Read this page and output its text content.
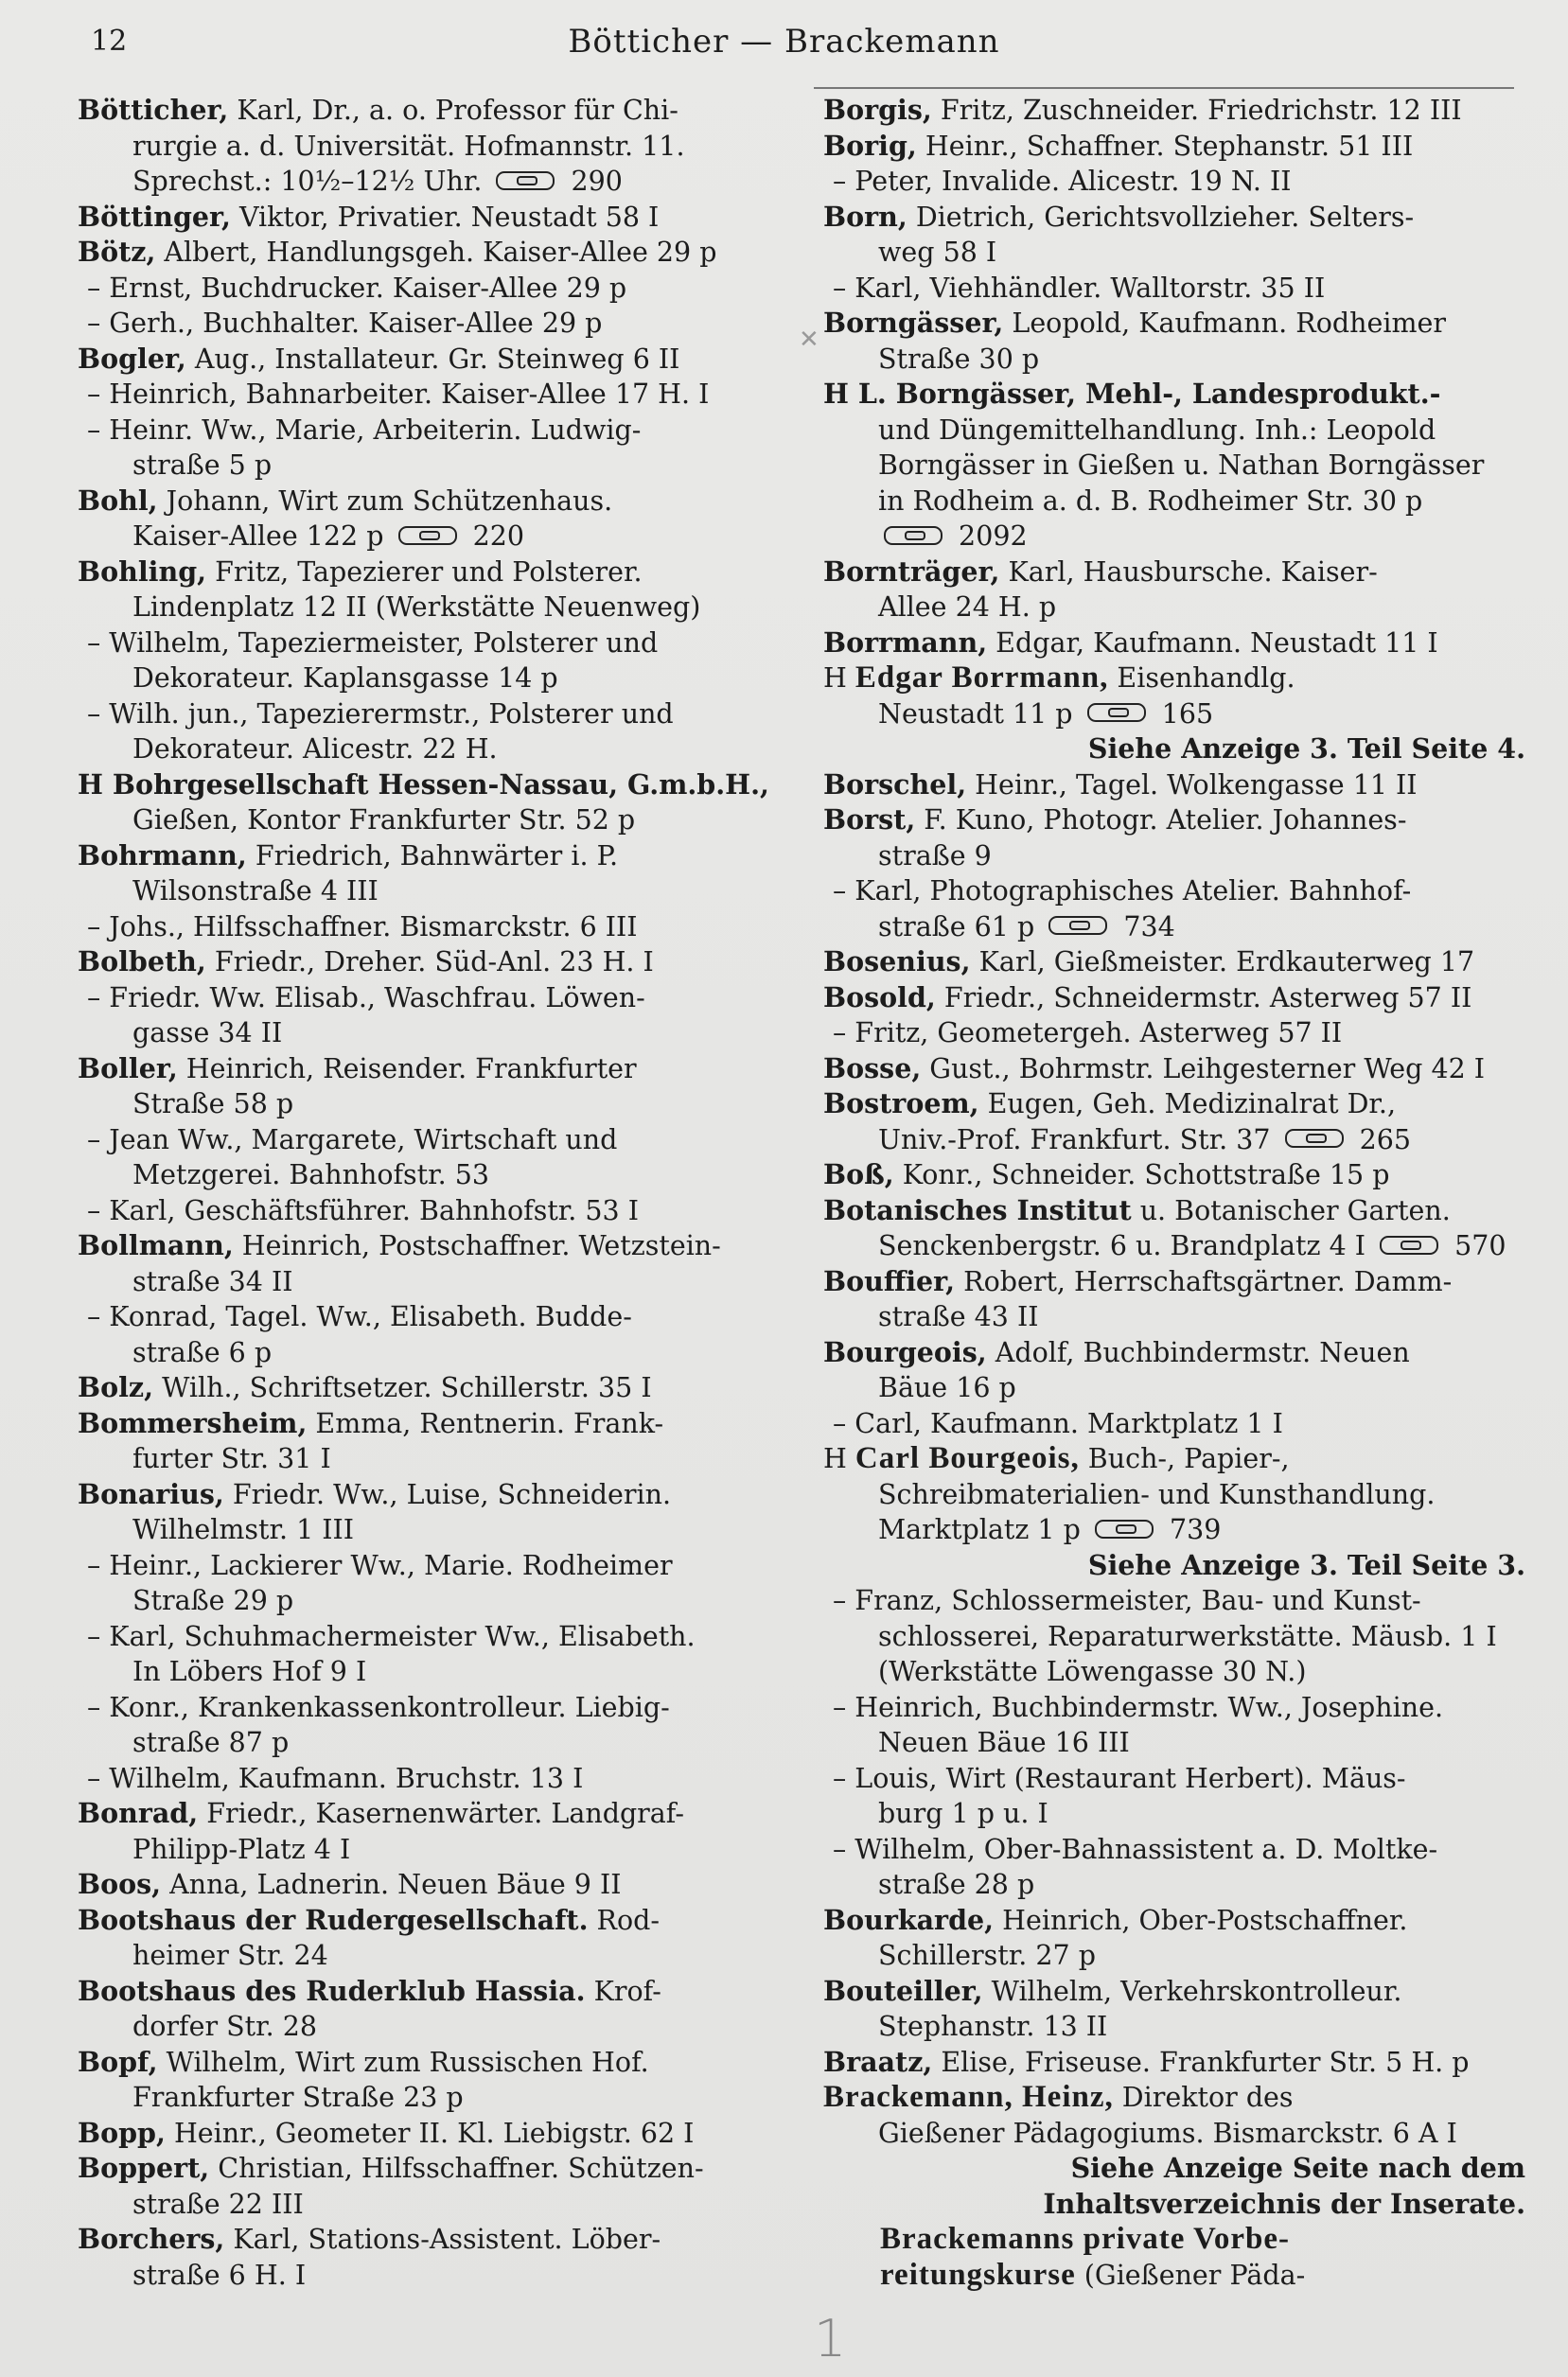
12	Bötticher — Brackemann
✕
Bötticher, Karl, Dr., a. o. Professor für Chi-
rurgie a. d. Universität. Hofmannstr. 11.
Sprechst.: 10½–12½ Uhr.	290
Böttinger, Viktor, Privatier. Neustadt 58 I
Bötz, Albert, Handlungsgeh. Kaiser-Allee 29 p
– Ernst, Buchdrucker. Kaiser-Allee 29 p
– Gerh., Buchhalter. Kaiser-Allee 29 p
Bogler, Aug., Installateur. Gr. Steinweg 6 II
– Heinrich, Bahnarbeiter. Kaiser-Allee 17 H. I
– Heinr. Ww., Marie, Arbeiterin. Ludwig-
straße 5 p
Bohl, Johann, Wirt zum Schützenhaus.
Kaiser-Allee 122 p	220
Bohling, Fritz, Tapezierer und Polsterer.
Lindenplatz 12 II (Werkstätte Neuenweg)
– Wilhelm, Tapeziermeister, Polsterer und
Dekorateur. Kaplansgasse 14 p
– Wilh. jun., Tapezierermstr., Polsterer und
Dekorateur. Alicestr. 22 H.
H Bohrgesellschaft Hessen-Nassau, G.m.b.H.,
Gießen, Kontor Frankfurter Str. 52 p
Bohrmann, Friedrich, Bahnwärter i. P.
Wilsonstraße 4 III
– Johs., Hilfsschaffner. Bismarckstr. 6 III
Bolbeth, Friedr., Dreher. Süd-Anl. 23 H. I
– Friedr. Ww. Elisab., Waschfrau. Löwen-
gasse 34 II
Boller, Heinrich, Reisender. Frankfurter
Straße 58 p
– Jean Ww., Margarete, Wirtschaft und
Metzgerei. Bahnhofstr. 53
– Karl, Geschäftsführer. Bahnhofstr. 53 I
Bollmann, Heinrich, Postschaffner. Wetzstein-
straße 34 II
– Konrad, Tagel. Ww., Elisabeth. Budde-
straße 6 p
Bolz, Wilh., Schriftsetzer. Schillerstr. 35 I
Bommersheim, Emma, Rentnerin. Frank-
furter Str. 31 I
Bonarius, Friedr. Ww., Luise, Schneiderin.
Wilhelmstr. 1 III
– Heinr., Lackierer Ww., Marie. Rodheimer
Straße 29 p
– Karl, Schuhmachermeister Ww., Elisabeth.
In Löbers Hof 9 I
– Konr., Krankenkassenkontrolleur. Liebig-
straße 87 p
– Wilhelm, Kaufmann. Bruchstr. 13 I
Bonrad, Friedr., Kasernenwärter. Landgraf-
Philipp-Platz 4 I
Boos, Anna, Ladnerin. Neuen Bäue 9 II
Bootshaus der Rudergesellschaft. Rod-
heimer Str. 24
Bootshaus des Ruderklub Hassia. Krof-
dorfer Str. 28
Bopf, Wilhelm, Wirt zum Russischen Hof.
Frankfurter Straße 23 p
Bopp, Heinr., Geometer II. Kl. Liebigstr. 62 I
Boppert, Christian, Hilfsschaffner. Schützen-
straße 22 III
Borchers, Karl, Stations-Assistent. Löber-
straße 6 H. I
Borgis, Fritz, Zuschneider. Friedrichstr. 12 III
Borig, Heinr., Schaffner. Stephanstr. 51 III
– Peter, Invalide. Alicestr. 19 N. II
Born, Dietrich, Gerichtsvollzieher. Selters-
weg 58 I
– Karl, Viehhändler. Walltorstr. 35 II
Borngässer, Leopold, Kaufmann. Rodheimer
Straße 30 p
H L. Borngässer, Mehl-, Landesprodukt.-
und Düngemittelhandlung. Inh.: Leopold
Borngässer in Gießen u. Nathan Borngässer
in Rodheim a. d. B. Rodheimer Str. 30 p
2092
Bornträger, Karl, Hausbursche. Kaiser-
Allee 24 H. p
Borrmann, Edgar, Kaufmann. Neustadt 11 I
H Edgar Borrmann, Eisenhandlg.
Neustadt 11 p	165
Siehe Anzeige 3. Teil Seite 4.
Borschel, Heinr., Tagel. Wolkengasse 11 II
Borst, F. Kuno, Photogr. Atelier. Johannes-
straße 9
– Karl, Photographisches Atelier. Bahnhof-
straße 61 p	734
Bosenius, Karl, Gießmeister. Erdkauterweg 17
Bosold, Friedr., Schneidermstr. Asterweg 57 II
– Fritz, Geometergeh. Asterweg 57 II
Bosse, Gust., Bohrmstr. Leihgesterner Weg 42 I
Bostroem, Eugen, Geh. Medizinalrat Dr.,
Univ.-Prof. Frankfurt. Str. 37	265
Boß, Konr., Schneider. Schottstraße 15 p
Botanisches Institut u. Botanischer Garten.
Senckenbergstr. 6 u. Brandplatz 4 I	570
Bouffier, Robert, Herrschaftsgärtner. Damm-
straße 43 II
Bourgeois, Adolf, Buchbindermstr. Neuen
Bäue 16 p
– Carl, Kaufmann. Marktplatz 1 I
H Carl Bourgeois, Buch-, Papier-,
Schreibmaterialien- und Kunsthandlung.
Marktplatz 1 p	739
Siehe Anzeige 3. Teil Seite 3.
– Franz, Schlossermeister, Bau- und Kunst-
schlosserei, Reparaturwerkstätte. Mäusb. 1 I
(Werkstätte Löwengasse 30 N.)
– Heinrich, Buchbindermstr. Ww., Josephine.
Neuen Bäue 16 III
– Louis, Wirt (Restaurant Herbert). Mäus-
burg 1 p u. I
– Wilhelm, Ober-Bahnassistent a. D. Moltke-
straße 28 p
Bourkarde, Heinrich, Ober-Postschaffner.
Schillerstr. 27 p
Bouteiller, Wilhelm, Verkehrskontrolleur.
Stephanstr. 13 II
Braatz, Elise, Friseuse. Frankfurter Str. 5 H. p
Brackemann, Heinz, Direktor des
Gießener Pädagogiums. Bismarckstr. 6 A I
Siehe Anzeige Seite nach dem
Inhaltsverzeichnis der Inserate.
Brackemanns private Vorbe-
reitungskurse (Gießener Päda-
1
